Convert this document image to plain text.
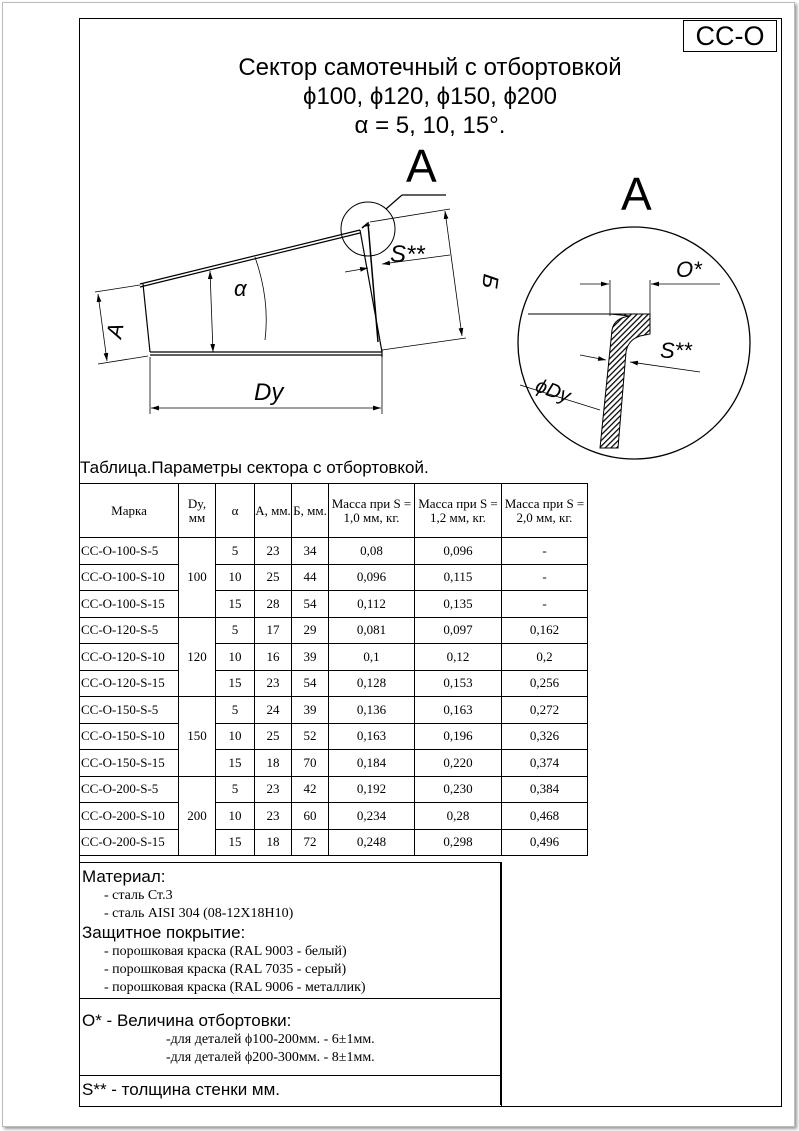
СС-О
Сектор самотечный с отбортовкой
ϕ100, ϕ120, ϕ150, ϕ200
α = 5, 10, 15°.
А
А
α
Dy
Б
S**
А
O*
S**
ϕDy
Таблица.Параметры сектора с отбортовкой.
Марка	Dy, мм	α	А, мм.	Б, мм.	Масса при S = 1,0 мм, кг.	Масса при S = 1,2 мм, кг.	Масса при S = 2,0 мм, кг.
СС-О-100-S-5	100	5	23	34	0,08	0,096	-
СС-О-100-S-10		10	25	44	0,096	0,115	-
СС-О-100-S-15		15	28	54	0,112	0,135	-
СС-О-120-S-5	120	5	17	29	0,081	0,097	0,162
СС-О-120-S-10		10	16	39	0,1	0,12	0,2
СС-О-120-S-15		15	23	54	0,128	0,153	0,256
СС-О-150-S-5	150	5	24	39	0,136	0,163	0,272
СС-О-150-S-10		10	25	52	0,163	0,196	0,326
СС-О-150-S-15		15	18	70	0,184	0,220	0,374
СС-О-200-S-5	200	5	23	42	0,192	0,230	0,384
СС-О-200-S-10		10	23	60	0,234	0,28	0,468
СС-О-200-S-15		15	18	72	0,248	0,298	0,496
Материал:
- сталь Ст.3
- сталь AISI 304 (08-12Х18Н10)
Защитное покрытие:
- порошковая краска (RAL 9003 - белый)
- порошковая краска (RAL 7035 - серый)
- порошковая краска (RAL 9006 - металлик)
O* - Величина отбортовки:
-для деталей ϕ100-200мм. - 6±1мм.
-для деталей ϕ200-300мм. - 8±1мм.
S** - толщина стенки мм.
